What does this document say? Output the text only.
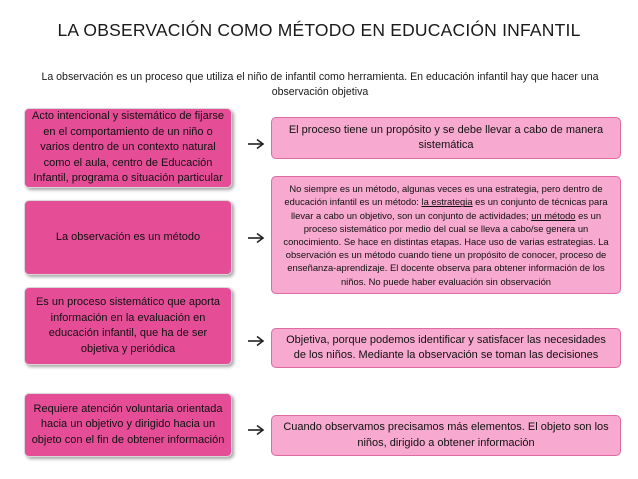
LA OBSERVACIÓN COMO MÉTODO EN EDUCACIÓN INFANTIL
La observación es un proceso que utiliza el niño de infantil como herramienta. En educación infantil hay que hacer una observación objetiva
Acto intencional y sistemático de fijarse en el comportamiento de un niño o varios dentro de un contexto natural como el aula, centro de Educación Infantil, programa o situación particular
La observación es un método
Es un proceso sistemático que aporta información en la evaluación en educación infantil, que ha de ser objetiva y periódica
Requiere atención voluntaria orientada hacia un objetivo y dirigido hacia un objeto con el fin de obtener información
El proceso tiene un propósito y se debe llevar a cabo de manera sistemática
No siempre es un método, algunas veces es una estrategia, pero dentro de educación infantil es un método: la estrategia es un conjunto de técnicas para llevar a cabo un objetivo, son un conjunto de actividades; un método es un proceso sistemático por medio del cual se lleva a cabo/se genera un conocimiento. Se hace en distintas etapas. Hace uso de varias estrategias. La observación es un método cuando tiene un propósito de conocer, proceso de enseñanza-aprendizaje. El docente observa para obtener información de los niños. No puede haber evaluación sin observación
Objetiva, porque podemos identificar y satisfacer las necesidades de los niños. Mediante la observación se toman las decisiones
Cuando observamos precisamos más elementos. El objeto son los niños, dirigido a obtener información
